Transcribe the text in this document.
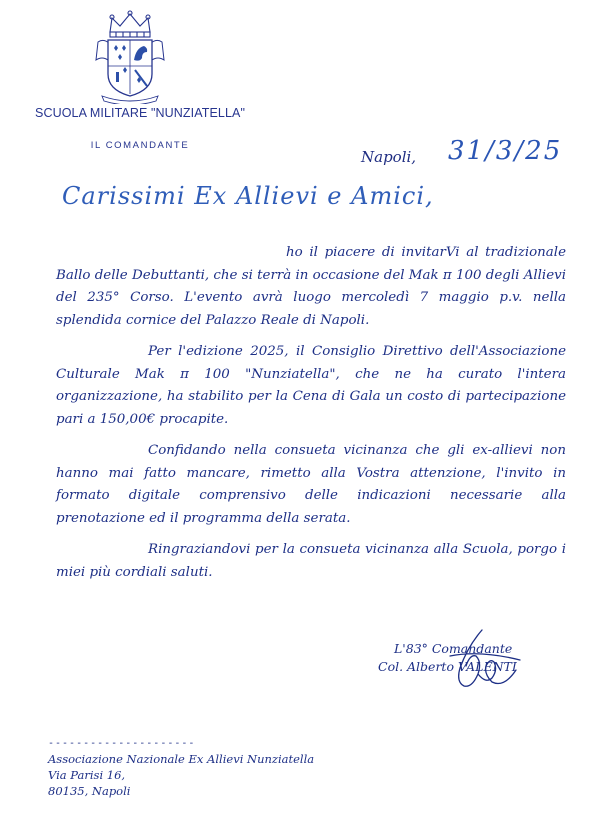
SCUOLA MILITARE "NUNZIATELLA"
IL COMANDANTE
Napoli, 31/3/25
Carissimi Ex Allievi e Amici,

ho il piacere di invitarVi al tradizionale Ballo delle Debuttanti, che si terrà in occasione del Mak π 100 degli Allievi del 235° Corso. L'evento avrà luogo mercoledì 7 maggio p.v. nella splendida cornice del Palazzo Reale di Napoli.

Per l'edizione 2025, il Consiglio Direttivo dell'Associazione Culturale Mak π 100 "Nunziatella", che ne ha curato l'intera organizzazione, ha stabilito per la Cena di Gala un costo di partecipazione pari a 150,00€ procapite.

Confidando nella consueta vicinanza che gli ex-allievi non hanno mai fatto mancare, rimetto alla Vostra attenzione, l'invito in formato digitale comprensivo delle indicazioni necessarie alla prenotazione ed il programma della serata.

Ringraziandovi per la consueta vicinanza alla Scuola, porgo i miei più cordiali saluti.

L'83° Comandante
Col. Alberto VALENTI
---------------------
Associazione Nazionale Ex Allievi Nunziatella
Via Parisi 16,
80135, Napoli
